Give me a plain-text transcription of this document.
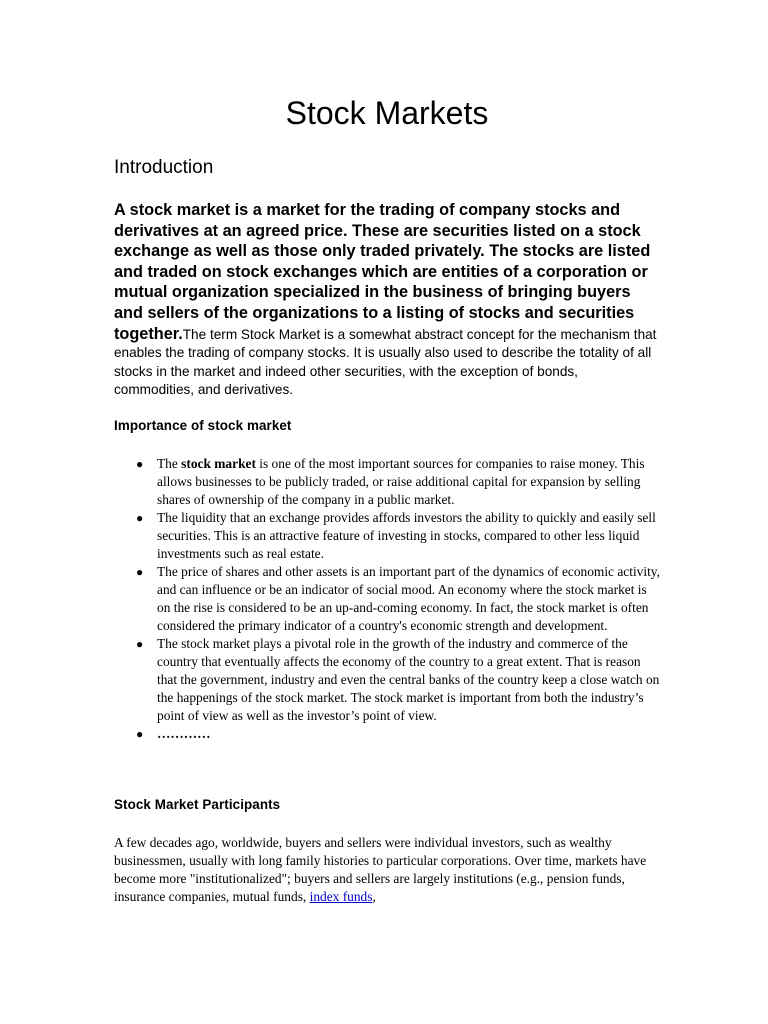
Stock Markets
Introduction

A stock market is a market for the trading of company stocks and derivatives at an agreed price. These are securities listed on a stock exchange as well as those only traded privately. The stocks are listed and traded on stock exchanges which are entities of a corporation or mutual organization specialized in the business of bringing buyers and sellers of the organizations to a listing of stocks and securities together.The term Stock Market is a somewhat abstract concept for the mechanism that enables the trading of company stocks. It is usually also used to describe the totality of all stocks in the market and indeed other securities, with the exception of bonds, commodities, and derivatives.

Importance of stock market
● The stock market is one of the most important sources for companies to raise money. This allows businesses to be publicly traded, or raise additional capital for expansion by selling shares of ownership of the company in a public market.
● The liquidity that an exchange provides affords investors the ability to quickly and easily sell securities. This is an attractive feature of investing in stocks, compared to other less liquid investments such as real estate.
● The price of shares and other assets is an important part of the dynamics of economic activity, and can influence or be an indicator of social mood. An economy where the stock market is on the rise is considered to be an up-and-coming economy. In fact, the stock market is often considered the primary indicator of a country's economic strength and development.
● The stock market plays a pivotal role in the growth of the industry and commerce of the country that eventually affects the economy of the country to a great extent. That is reason that the government, industry and even the central banks of the country keep a close watch on the happenings of the stock market. The stock market is important from both the industry’s point of view as well as the investor’s point of view.
● …………
Stock Market Participants

A few decades ago, worldwide, buyers and sellers were individual investors, such as wealthy businessmen, usually with long family histories to particular corporations. Over time, markets have become more "institutionalized"; buyers and sellers are largely institutions (e.g., pension funds, insurance companies, mutual funds, index funds,
